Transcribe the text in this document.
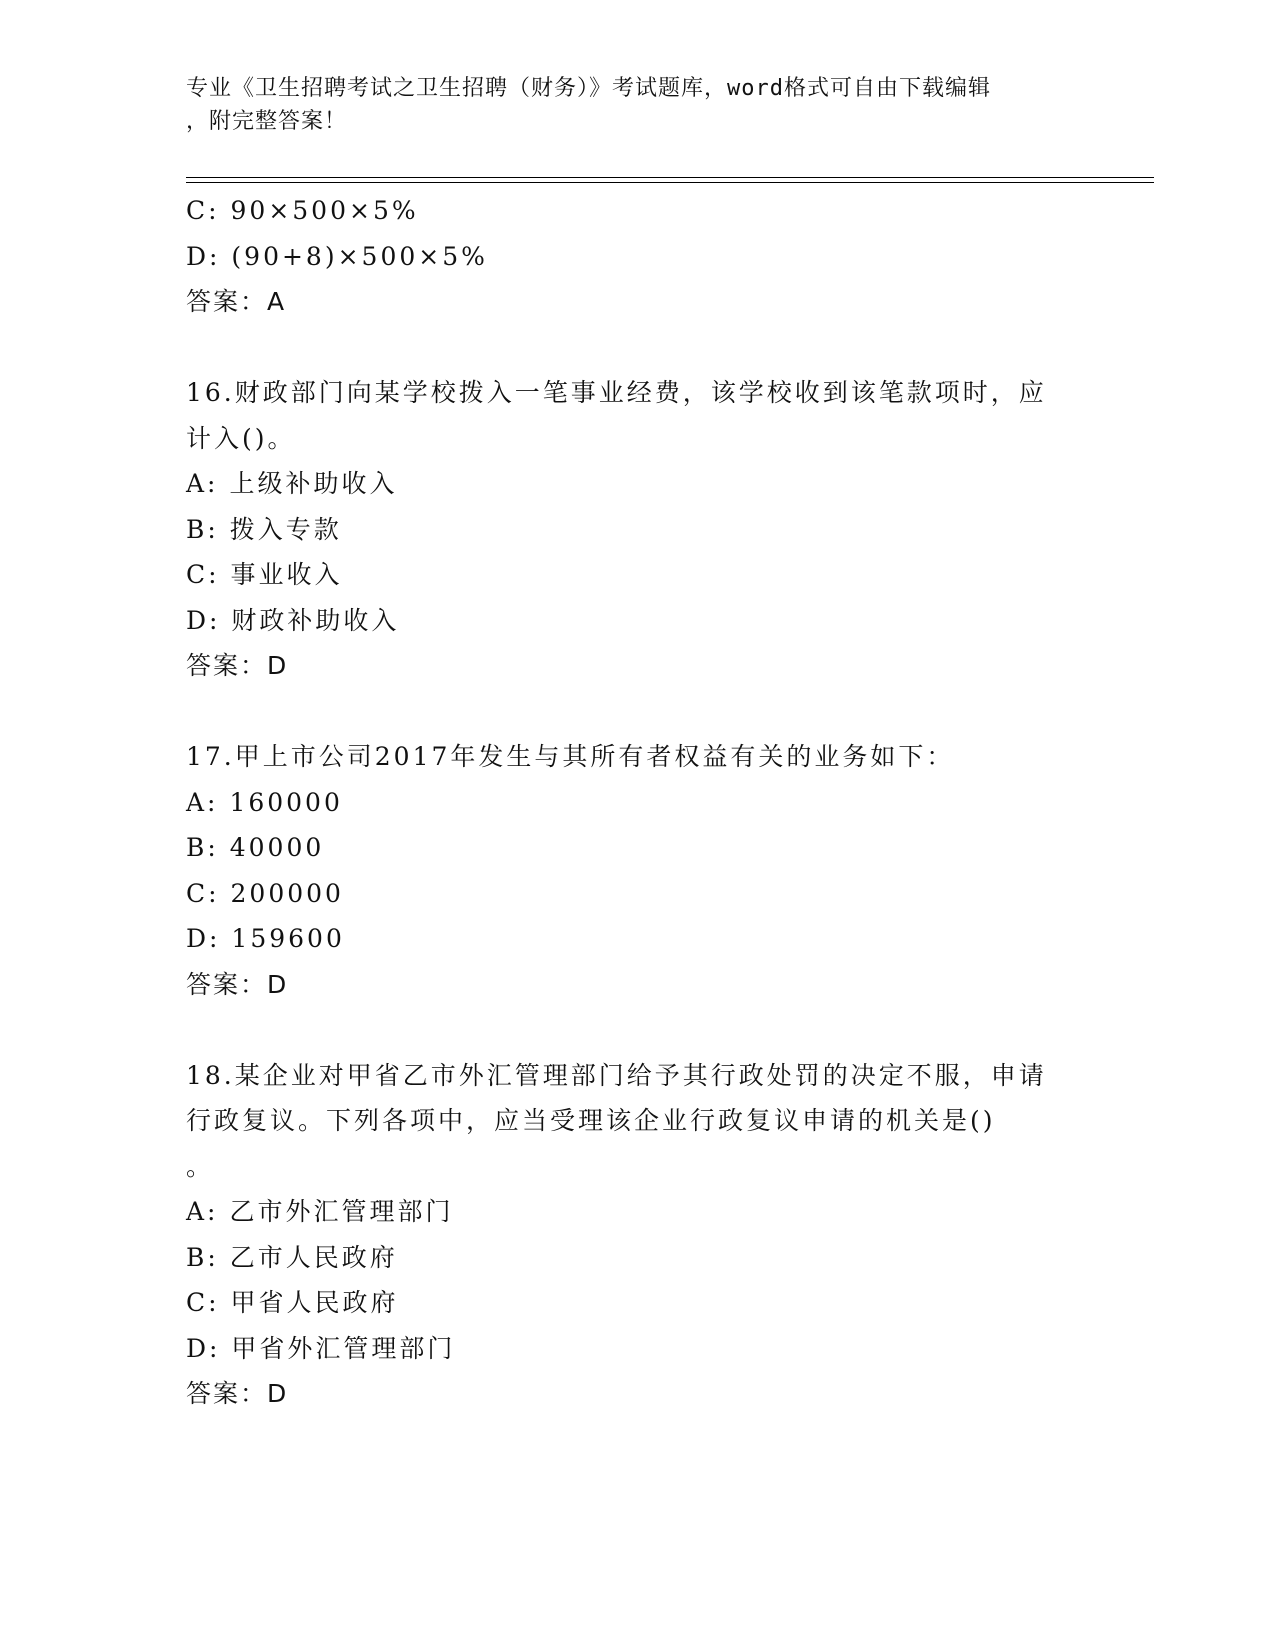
专业《卫生招聘考试之卫生招聘（财务）》考试题库，word格式可自由下载编辑
，附完整答案！
C: 90×500×5%
D: (90+8)×500×5%
答案：A
16.财政部门向某学校拨入一笔事业经费，该学校收到该笔款项时，应
计入()。
A: 上级补助收入
B: 拨入专款
C: 事业收入
D: 财政补助收入
答案：D
17.甲上市公司2017年发生与其所有者权益有关的业务如下：
A: 160000
B: 40000
C: 200000
D: 159600
答案：D
18.某企业对甲省乙市外汇管理部门给予其行政处罚的决定不服，申请
行政复议。下列各项中，应当受理该企业行政复议申请的机关是()
。
A: 乙市外汇管理部门
B: 乙市人民政府
C: 甲省人民政府
D: 甲省外汇管理部门
答案：D
